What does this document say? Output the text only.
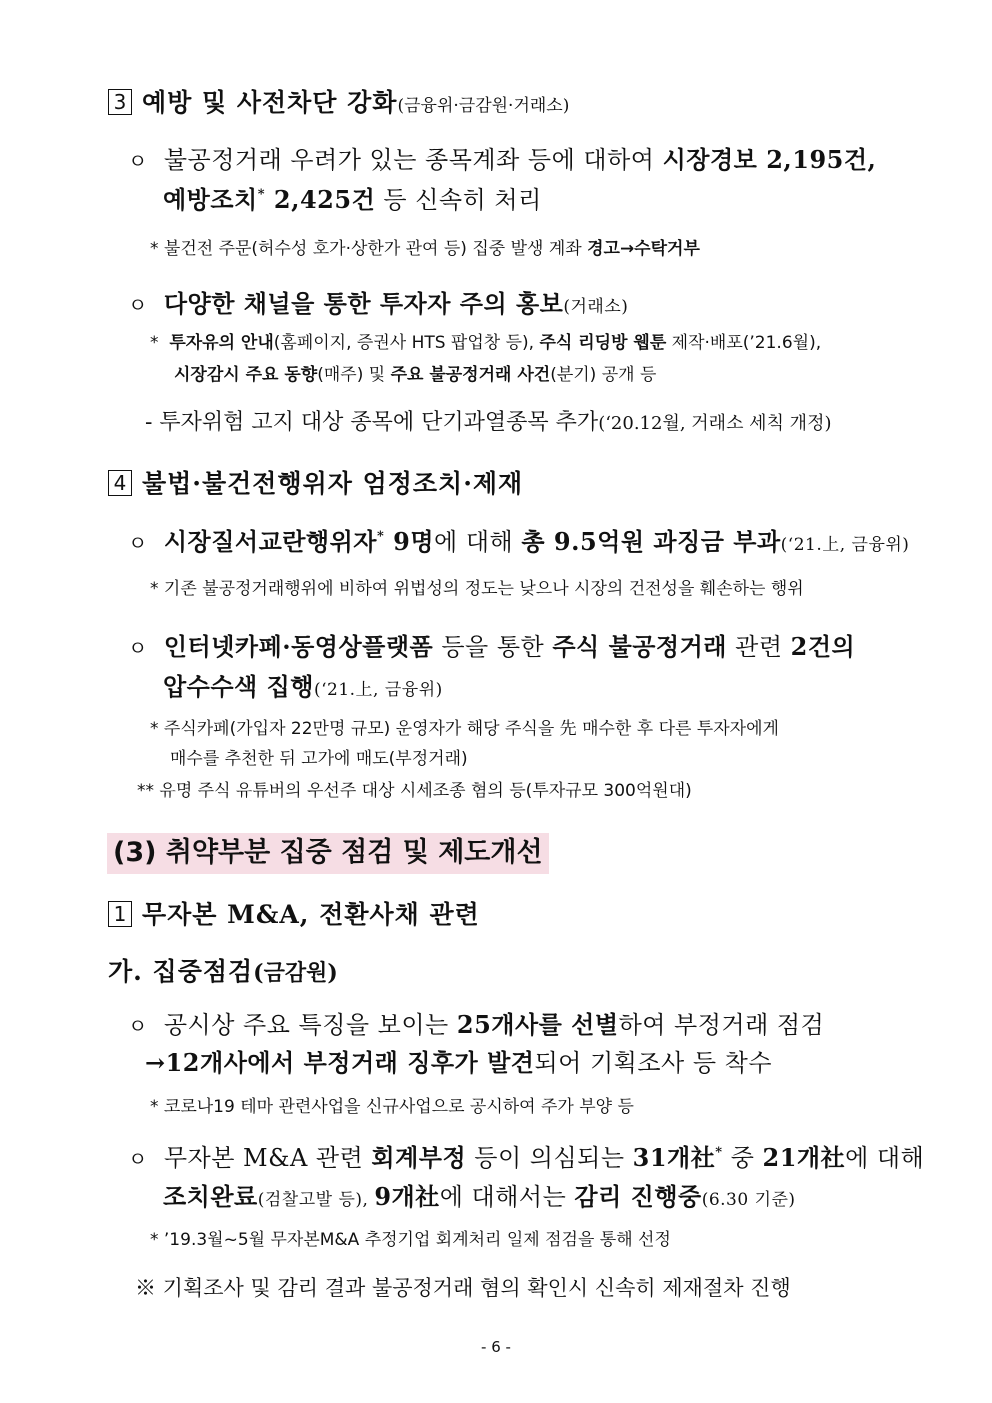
3 예방 및 사전차단 강화(금융위·금감원·거래소)
ㅇ 불공정거래 우려가 있는 종목계좌 등에 대하여 시장경보 2,195건,
예방조치* 2,425건 등 신속히 처리
* 불건전 주문(허수성 호가·상한가 관여 등) 집중 발생 계좌 경고→수탁거부
ㅇ 다양한 채널을 통한 투자자 주의 홍보(거래소)
* 투자유의 안내(홈페이지, 증권사 HTS 팝업창 등), 주식 리딩방 웹툰 제작·배포(’21.6월),
시장감시 주요 동향(매주) 및 주요 불공정거래 사건(분기) 공개 등
- 투자위험 고지 대상 종목에 단기과열종목 추가(‘20.12월, 거래소 세칙 개정)
4 불법·불건전행위자 엄정조치·제재
ㅇ 시장질서교란행위자* 9명에 대해 총 9.5억원 과징금 부과(‘21.上, 금융위)
* 기존 불공정거래행위에 비하여 위법성의 정도는 낮으나 시장의 건전성을 훼손하는 행위
ㅇ 인터넷카페·동영상플랫폼 등을 통한 주식 불공정거래 관련 2건의
압수수색 집행(‘21.上, 금융위)
* 주식카페(가입자 22만명 규모) 운영자가 해당 주식을 先 매수한 후 다른 투자자에게
매수를 추천한 뒤 고가에 매도(부정거래)
** 유명 주식 유튜버의 우선주 대상 시세조종 혐의 등(투자규모 300억원대)
(3) 취약부분 집중 점검 및 제도개선
1 무자본 M&A, 전환사채 관련
가. 집중점검(금감원)
ㅇ 공시상 주요 특징을 보이는 25개사를 선별하여 부정거래 점검
→12개사에서 부정거래 징후가 발견되어 기획조사 등 착수
* 코로나19 테마 관련사업을 신규사업으로 공시하여 주가 부양 등
ㅇ 무자본 M&A 관련 회계부정 등이 의심되는 31개社* 중 21개社에 대해
조치완료(검찰고발 등), 9개社에 대해서는 감리 진행중(6.30 기준)
* ’19.3월~5월 무자본M&A 추정기업 회계처리 일제 점검을 통해 선정
※ 기획조사 및 감리 결과 불공정거래 혐의 확인시 신속히 제재절차 진행
- 6 -
